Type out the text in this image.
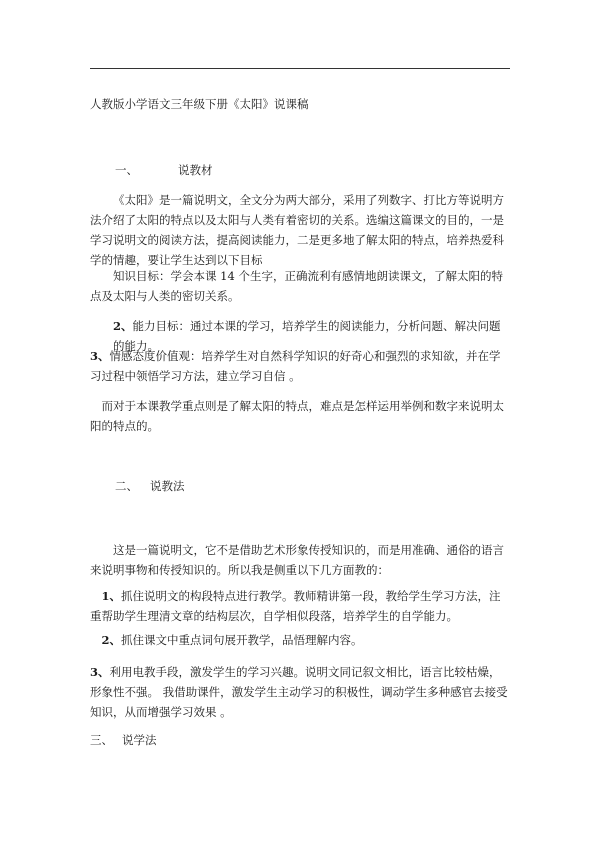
人教版小学语文三年级下册《太阳》说课稿

一、	说教材

《太阳》是一篇说明文，全文分为两大部分，采用了列数字、打比方等说明方法介绍了太阳的特点以及太阳与人类有着密切的关系。选编这篇课文的目的，一是学习说明文的阅读方法，提高阅读能力，二是更多地了解太阳的特点，培养热爱科学的情趣，要让学生达到以下目标

知识目标：学会本课 14 个生字，正确流利有感情地朗读课文，了解太阳的特点及太阳与人类的密切关系。

2、能力目标：通过本课的学习，培养学生的阅读能力，分析问题、解决问题的能力。

3、情感态度价值观：培养学生对自然科学知识的好奇心和强烈的求知欲，并在学习过程中领悟学习方法，建立学习自信 。

而对于本课教学重点则是了解太阳的特点，难点是怎样运用举例和数字来说明太阳的特点的。

二、 说教法

这是一篇说明文，它不是借助艺术形象传授知识的，而是用准确、通俗的语言来说明事物和传授知识的。所以我是侧重以下几方面教的：

1、抓住说明文的构段特点进行教学。教师精讲第一段，教给学生学习方法，注重帮助学生理清文章的结构层次，自学相似段落，培养学生的自学能力。

2、抓住课文中重点词句展开教学，品悟理解内容。

3、利用电教手段，激发学生的学习兴趣。说明文同记叙文相比，语言比较枯燥，形象性不强。 我借助课件，激发学生主动学习的积极性，调动学生多种感官去接受知识，从而增强学习效果 。

三、 说学法
